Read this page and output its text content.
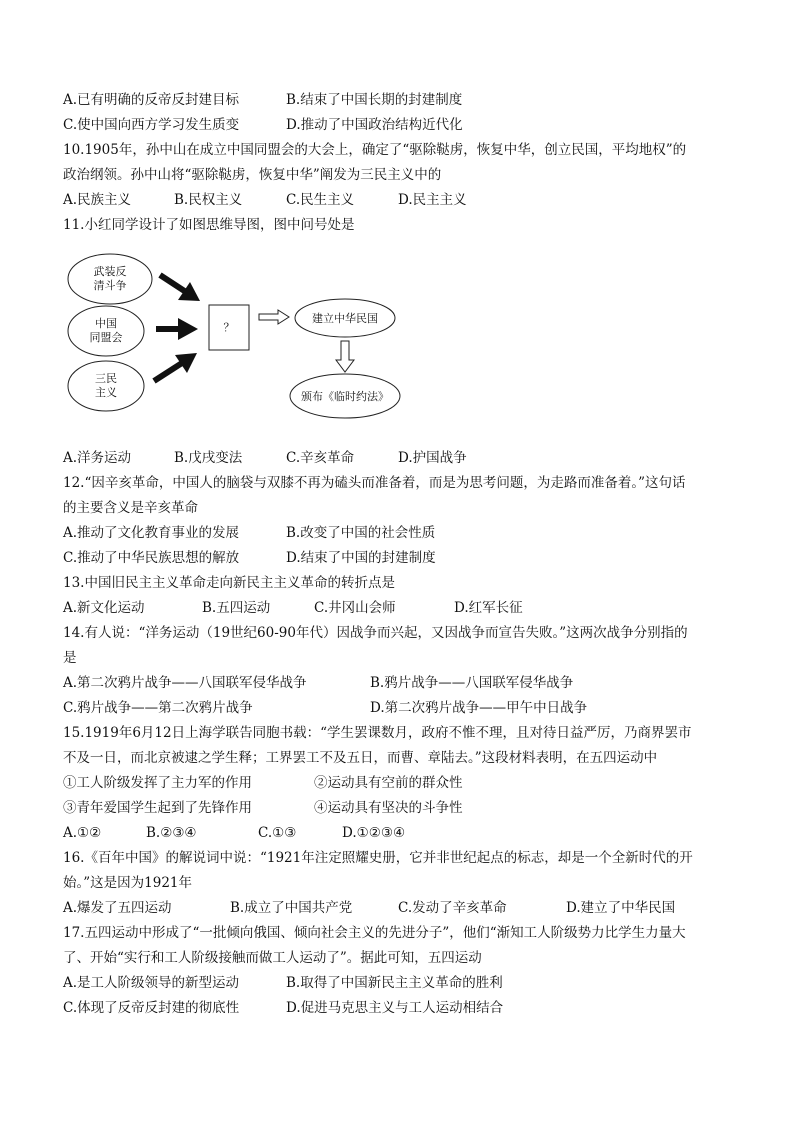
A.已有明确的反帝反封建目标	B.结束了中国长期的封建制度
C.使中国向西方学习发生质变	D.推动了中国政治结构近代化
10.1905年，孙中山在成立中国同盟会的大会上，确定了“驱除鞑虏，恢复中华，创立民国，平均地权”的
政治纲领。孙中山将“驱除鞑虏，恢复中华”阐发为三民主义中的
A.民族主义	B.民权主义	C.民生主义	D.民主主义
11.小红同学设计了如图思维导图，图中问号处是
武装反
清斗争
中国
同盟会
三民
主义
？
建立中华民国
颁布《临时约法》
A.洋务运动	B.戊戌变法	C.辛亥革命	D.护国战争
12.“因辛亥革命，中国人的脑袋与双膝不再为磕头而准备着，而是为思考问题，为走路而准备着。”这句话
的主要含义是辛亥革命
A.推动了文化教育事业的发展	B.改变了中国的社会性质
C.推动了中华民族思想的解放	D.结束了中国的封建制度
13.中国旧民主主义革命走向新民主主义革命的转折点是
A.新文化运动	B.五四运动	C.井冈山会师	D.红军长征
14.有人说：“洋务运动（19世纪60-90年代）因战争而兴起，又因战争而宣告失败。”这两次战争分别指的
是
A.第二次鸦片战争——八国联军侵华战争	B.鸦片战争——八国联军侵华战争
C.鸦片战争——第二次鸦片战争	D.第二次鸦片战争——甲午中日战争
15.1919年6月12日上海学联告同胞书载：“学生罢课数月，政府不惟不理，且对待日益严厉，乃商界罢市
不及一日，而北京被逮之学生释；工界罢工不及五日，而曹、章陆去。”这段材料表明，在五四运动中
①工人阶级发挥了主力军的作用	②运动具有空前的群众性
③青年爱国学生起到了先锋作用	④运动具有坚决的斗争性
A.①②	B.②③④	C.①③	D.①②③④
16.《百年中国》的解说词中说：“1921年注定照耀史册，它并非世纪起点的标志，却是一个全新时代的开
始。”这是因为1921年
A.爆发了五四运动	B.成立了中国共产党	C.发动了辛亥革命	D.建立了中华民国
17.五四运动中形成了“一批倾向俄国、倾向社会主义的先进分子”，他们“渐知工人阶级势力比学生力量大
了、开始“实行和工人阶级接触而做工人运动了”。据此可知，五四运动
A.是工人阶级领导的新型运动	B.取得了中国新民主主义革命的胜利
C.体现了反帝反封建的彻底性	D.促进马克思主义与工人运动相结合
